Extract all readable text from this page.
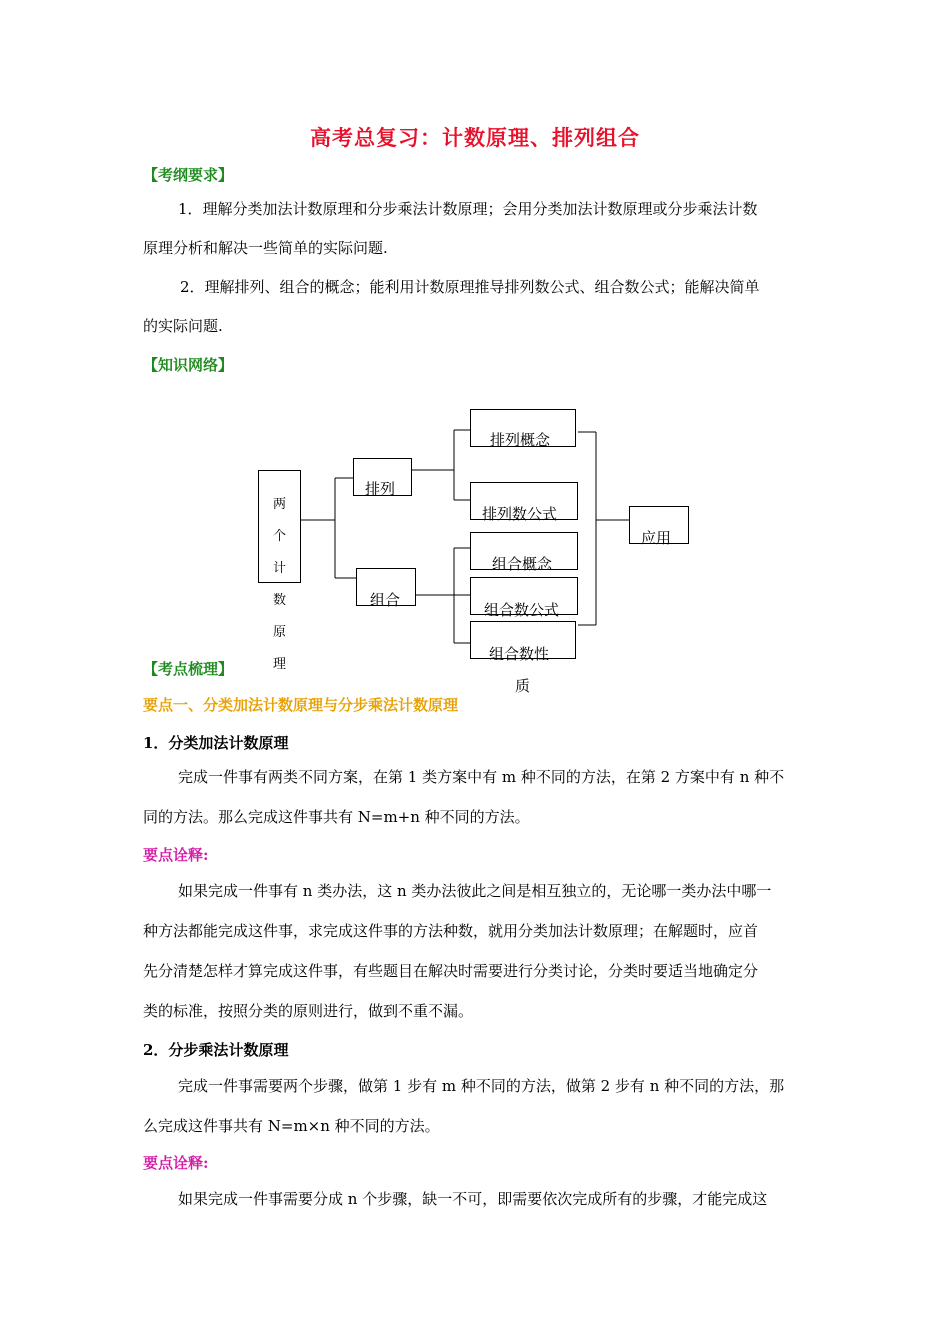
高考总复习：计数原理、排列组合
【考纲要求】
1．理解分类加法计数原理和分步乘法计数原理；会用分类加法计数原理或分步乘法计数
原理分析和解决一些简单的实际问题.
2．理解排列、组合的概念；能利用计数原理推导排列数公式、组合数公式；能解决简单
的实际问题.
【知识网络】
两
个
计
数
原
理
排列
组合
排列概念
排列数公式
组合概念
组合数公式
组合数性
质
应用
【考点梳理】
要点一、分类加法计数原理与分步乘法计数原理
1．分类加法计数原理
完成一件事有两类不同方案，在第 1 类方案中有 m 种不同的方法，在第 2 方案中有 n 种不
同的方法。那么完成这件事共有 N=m+n 种不同的方法。
要点诠释:
如果完成一件事有 n 类办法，这 n 类办法彼此之间是相互独立的，无论哪一类办法中哪一
种方法都能完成这件事，求完成这件事的方法种数，就用分类加法计数原理；在解题时，应首
先分清楚怎样才算完成这件事，有些题目在解决时需要进行分类讨论，分类时要适当地确定分
类的标准，按照分类的原则进行，做到不重不漏。
2．分步乘法计数原理
完成一件事需要两个步骤，做第 1 步有 m 种不同的方法，做第 2 步有 n 种不同的方法，那
么完成这件事共有 N=m×n 种不同的方法。
要点诠释:
如果完成一件事需要分成 n 个步骤，缺一不可，即需要依次完成所有的步骤，才能完成这
